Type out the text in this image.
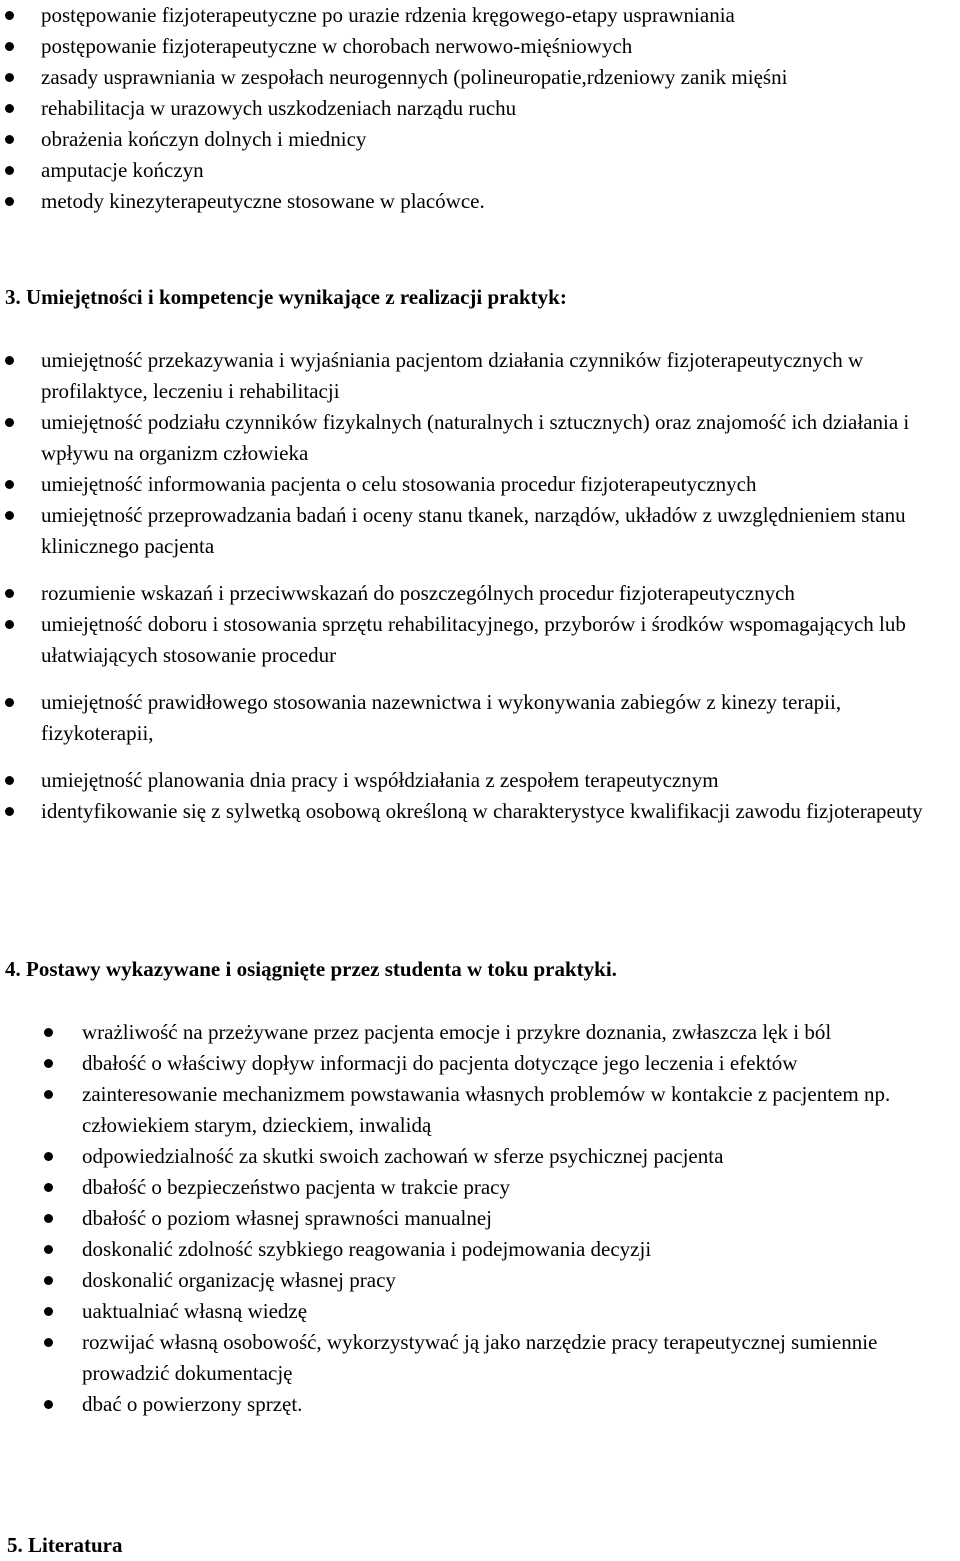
postępowanie fizjoterapeutyczne po urazie rdzenia kręgowego-etapy usprawniania
postępowanie fizjoterapeutyczne w chorobach nerwowo-mięśniowych
zasady usprawniania w zespołach neurogennych (polineuropatie,rdzeniowy zanik mięśni
rehabilitacja w urazowych uszkodzeniach narządu ruchu
obrażenia kończyn dolnych i miednicy
amputacje kończyn
metody kinezyterapeutyczne stosowane w placówce.
3. Umiejętności i kompetencje wynikające z realizacji praktyk:
umiejętność przekazywania i wyjaśniania pacjentom działania czynników fizjoterapeutycznych w profilaktyce, leczeniu i rehabilitacji
umiejętność podziału czynników fizykalnych (naturalnych i sztucznych) oraz znajomość ich działania i wpływu na organizm człowieka
umiejętność informowania pacjenta o celu stosowania procedur fizjoterapeutycznych
umiejętność przeprowadzania badań i oceny stanu tkanek, narządów, układów z uwzględnieniem stanu klinicznego pacjenta
rozumienie wskazań i przeciwwskazań do poszczególnych procedur fizjoterapeutycznych
umiejętność doboru i stosowania sprzętu rehabilitacyjnego, przyborów i środków wspomagających lub ułatwiających stosowanie procedur
umiejętność prawidłowego stosowania nazewnictwa i wykonywania zabiegów z kinezy terapii, fizykoterapii,
umiejętność planowania dnia pracy i współdziałania z zespołem terapeutycznym
identyfikowanie się z sylwetką osobową określoną w charakterystyce kwalifikacji zawodu fizjoterapeuty
4. Postawy wykazywane i osiągnięte przez studenta w toku praktyki.
wrażliwość na przeżywane przez pacjenta emocje i przykre doznania, zwłaszcza lęk i ból
dbałość o właściwy dopływ informacji do pacjenta dotyczące jego leczenia i efektów
zainteresowanie mechanizmem powstawania własnych problemów w kontakcie z pacjentem np. człowiekiem starym, dzieckiem, inwalidą
odpowiedzialność za skutki swoich zachowań w sferze psychicznej pacjenta
dbałość o bezpieczeństwo pacjenta w trakcie pracy
dbałość o poziom własnej sprawności manualnej
doskonalić zdolność szybkiego reagowania i podejmowania decyzji
doskonalić organizację własnej pracy
uaktualniać własną wiedzę
rozwijać własną osobowość, wykorzystywać ją jako narzędzie pracy terapeutycznej sumiennie prowadzić dokumentację
dbać o powierzony sprzęt.
5. Literatura
